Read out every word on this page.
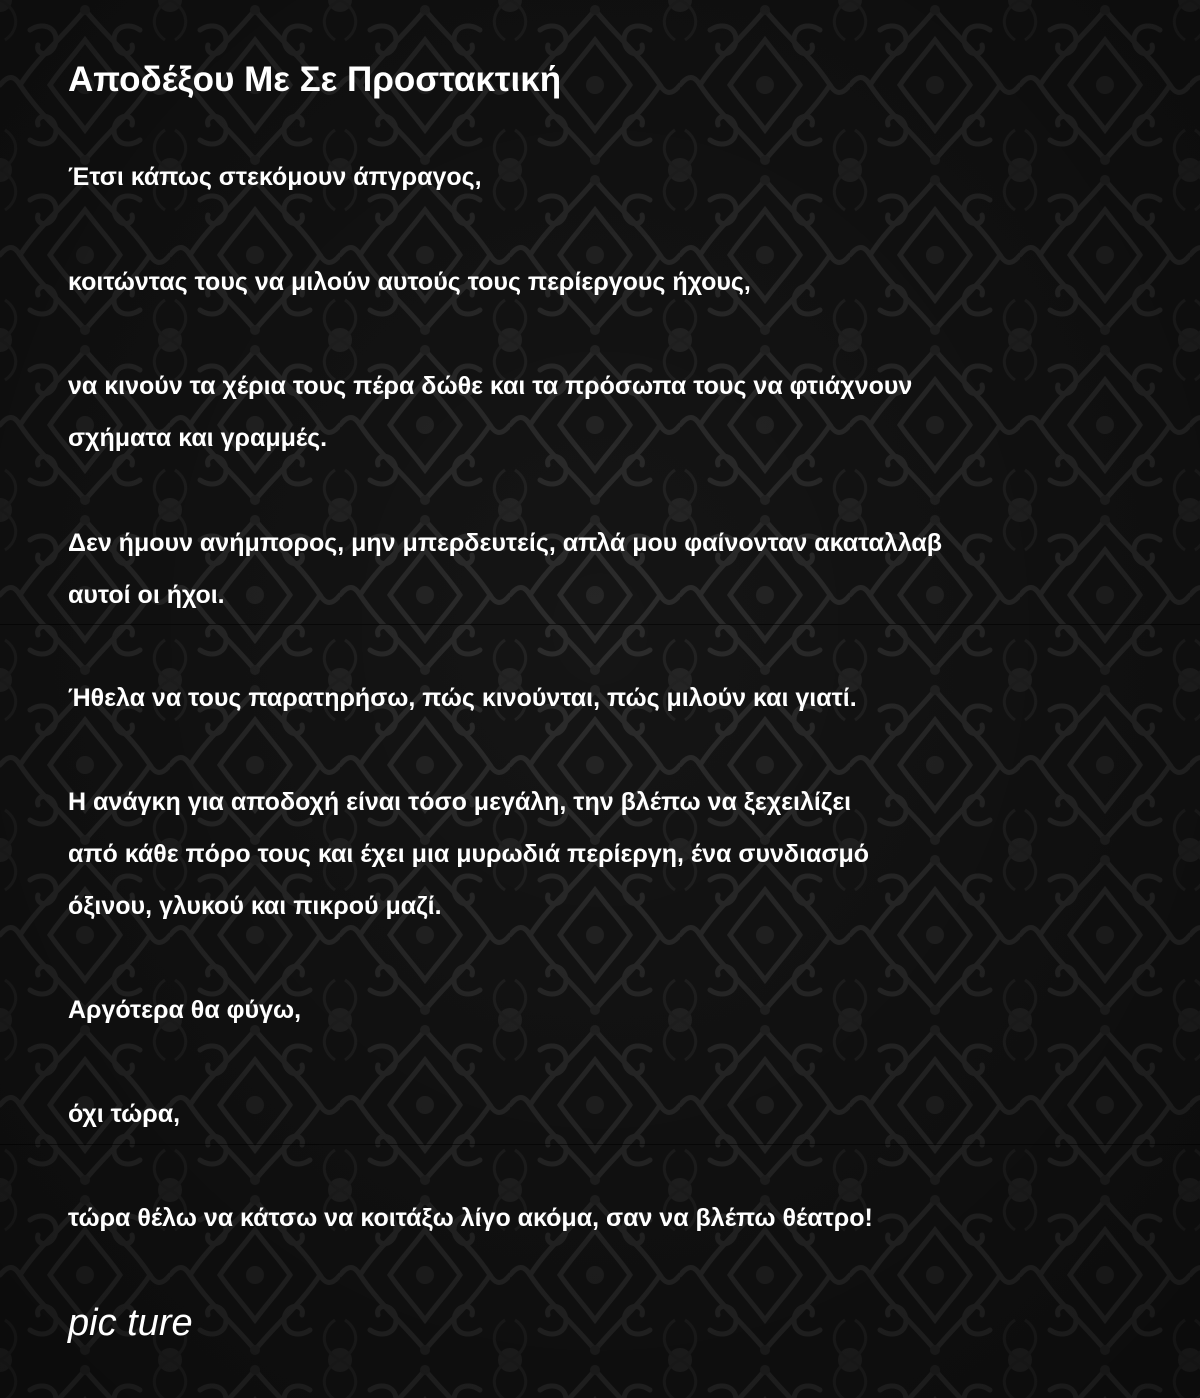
Αποδέξου Με Σε Προστακτική

Έτσι κάπως στεκόμουν άπγραγος,

κοιτώντας τους να μιλούν αυτούς τους περίεργους ήχους,

να κινούν τα χέρια τους πέρα δώθε και τα πρόσωπα τους να φτιάχνουν

σχήματα και γραμμές.

Δεν ήμουν ανήμπορος, μην μπερδευτείς, απλά μου φαίνονταν ακαταλλαβ

αυτοί οι ήχοι.

Ήθελα να τους παρατηρήσω, πώς κινούνται, πώς μιλούν και γιατί.

Η ανάγκη για αποδοχή είναι τόσο μεγάλη, την βλέπω να ξεχειλίζει

από κάθε πόρο τους και έχει μια μυρωδιά περίεργη, ένα συνδιασμό

όξινου, γλυκού και πικρού μαζί.

Αργότερα θα φύγω,

όχι τώρα,

τώρα θέλω να κάτσω να κοιτάξω λίγο ακόμα, σαν να βλέπω θέατρο!

pic ture
